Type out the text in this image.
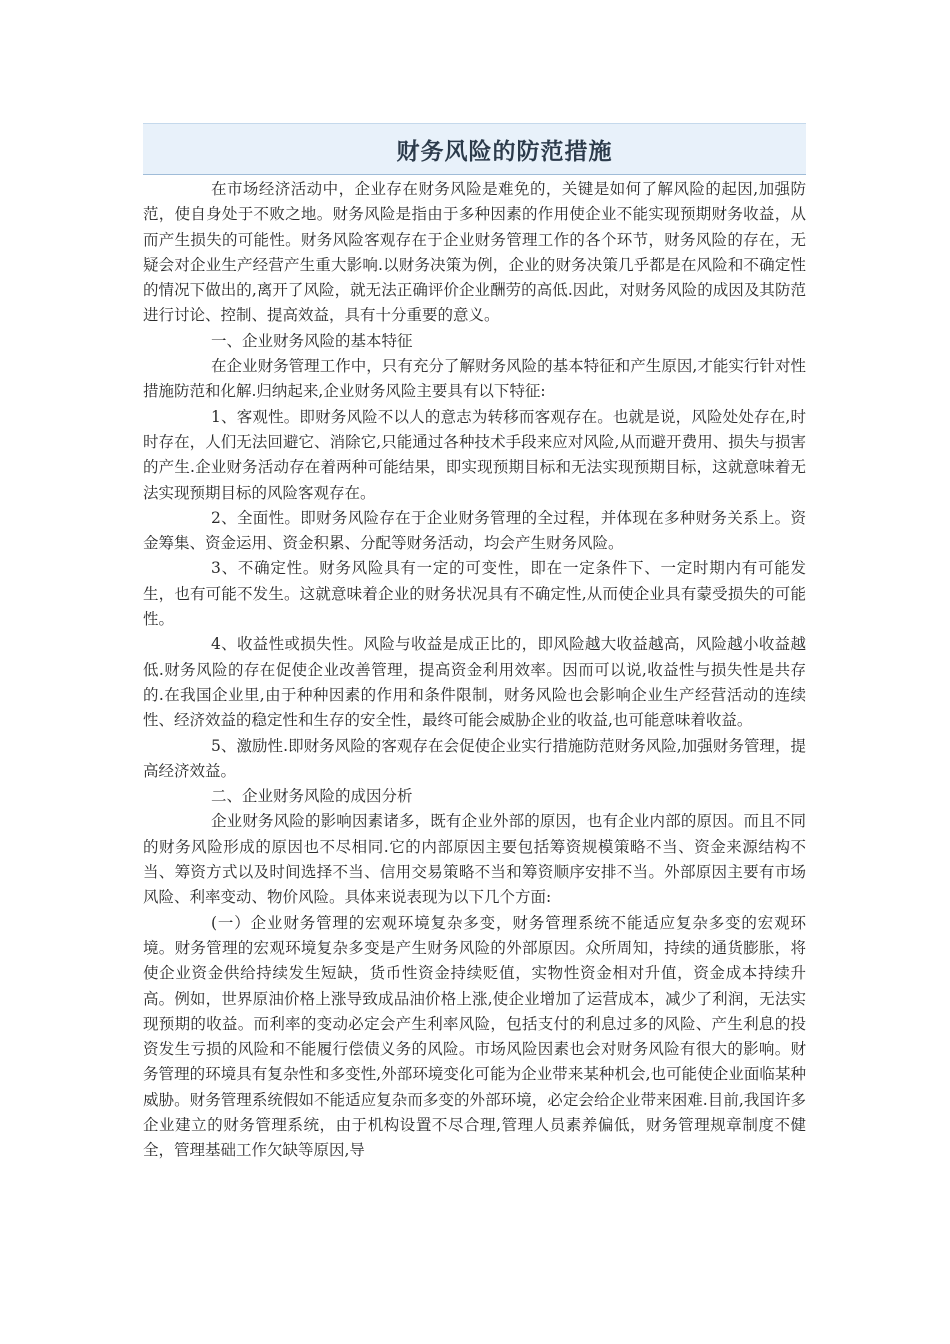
财务风险的防范措施

在市场经济活动中，企业存在财务风险是难免的，关键是如何了解风险的起因,加强防范，使自身处于不败之地。财务风险是指由于多种因素的作用使企业不能实现预期财务收益，从而产生损失的可能性。财务风险客观存在于企业财务管理工作的各个环节，财务风险的存在，无疑会对企业生产经营产生重大影响.以财务决策为例，企业的财务决策几乎都是在风险和不确定性的情况下做出的,离开了风险，就无法正确评价企业酬劳的高低.因此，对财务风险的成因及其防范进行讨论、控制、提高效益，具有十分重要的意义。

一、企业财务风险的基本特征

在企业财务管理工作中，只有充分了解财务风险的基本特征和产生原因,才能实行针对性措施防范和化解.归纳起来,企业财务风险主要具有以下特征:

1、客观性。即财务风险不以人的意志为转移而客观存在。也就是说，风险处处存在,时时存在，人们无法回避它、消除它,只能通过各种技术手段来应对风险,从而避开费用、损失与损害的产生.企业财务活动存在着两种可能结果，即实现预期目标和无法实现预期目标，这就意味着无法实现预期目标的风险客观存在。

2、全面性。即财务风险存在于企业财务管理的全过程，并体现在多种财务关系上。资金筹集、资金运用、资金积累、分配等财务活动，均会产生财务风险。

3、不确定性。财务风险具有一定的可变性，即在一定条件下、一定时期内有可能发生，也有可能不发生。这就意味着企业的财务状况具有不确定性,从而使企业具有蒙受损失的可能性。

4、收益性或损失性。风险与收益是成正比的，即风险越大收益越高，风险越小收益越低.财务风险的存在促使企业改善管理，提高资金利用效率。因而可以说,收益性与损失性是共存的.在我国企业里,由于种种因素的作用和条件限制，财务风险也会影响企业生产经营活动的连续性、经济效益的稳定性和生存的安全性，最终可能会威胁企业的收益,也可能意味着收益。

5、激励性.即财务风险的客观存在会促使企业实行措施防范财务风险,加强财务管理，提高经济效益。

二、企业财务风险的成因分析

企业财务风险的影响因素诸多，既有企业外部的原因，也有企业内部的原因。而且不同的财务风险形成的原因也不尽相同.它的内部原因主要包括筹资规模策略不当、资金来源结构不当、筹资方式以及时间选择不当、信用交易策略不当和筹资顺序安排不当。外部原因主要有市场风险、利率变动、物价风险。具体来说表现为以下几个方面:

(一）企业财务管理的宏观环境复杂多变，财务管理系统不能适应复杂多变的宏观环境。财务管理的宏观环境复杂多变是产生财务风险的外部原因。众所周知，持续的通货膨胀，将使企业资金供给持续发生短缺，货币性资金持续贬值，实物性资金相对升值，资金成本持续升高。例如，世界原油价格上涨导致成品油价格上涨,使企业增加了运营成本，减少了利润，无法实现预期的收益。而利率的变动必定会产生利率风险，包括支付的利息过多的风险、产生利息的投资发生亏损的风险和不能履行偿债义务的风险。市场风险因素也会对财务风险有很大的影响。财务管理的环境具有复杂性和多变性,外部环境变化可能为企业带来某种机会,也可能使企业面临某种威胁。财务管理系统假如不能适应复杂而多变的外部环境，必定会给企业带来困难.目前,我国许多企业建立的财务管理系统，由于机构设置不尽合理,管理人员素养偏低，财务管理规章制度不健全，管理基础工作欠缺等原因,导
